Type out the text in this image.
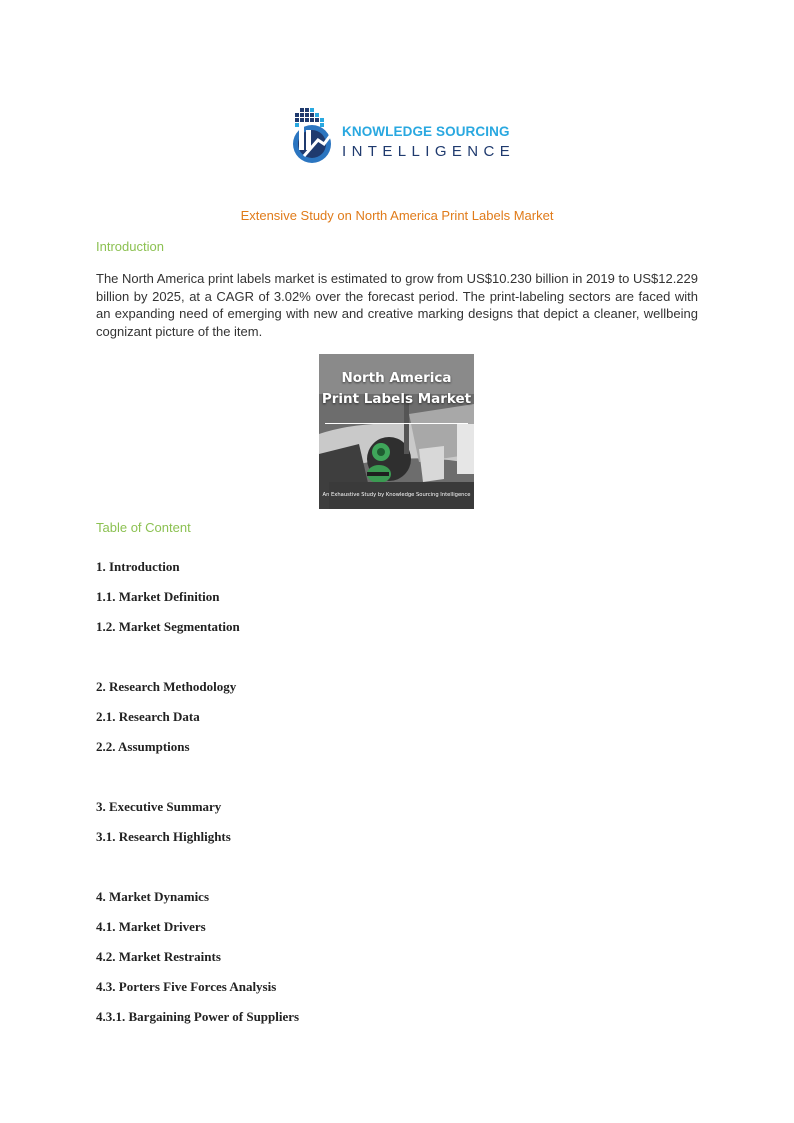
KNOWLEDGE SOURCING
INTELLIGENCE
Extensive Study on North America Print Labels Market
Introduction

The North America print labels market is estimated to grow from US$10.230 billion in 2019 to US$12.229 billion by 2025, at a CAGR of 3.02% over the forecast period. The print-labeling sectors are faced with an expanding need of emerging with new and creative marking designs that depict a cleaner, wellbeing cognizant picture of the item.

North America
Print Labels Market
An Exhaustive Study by Knowledge Sourcing Intelligence
Table of Content
1. Introduction
1.1. Market Definition
1.2. Market Segmentation
2. Research Methodology
2.1. Research Data
2.2. Assumptions
3. Executive Summary
3.1. Research Highlights
4. Market Dynamics
4.1. Market Drivers
4.2. Market Restraints
4.3. Porters Five Forces Analysis
4.3.1. Bargaining Power of Suppliers
